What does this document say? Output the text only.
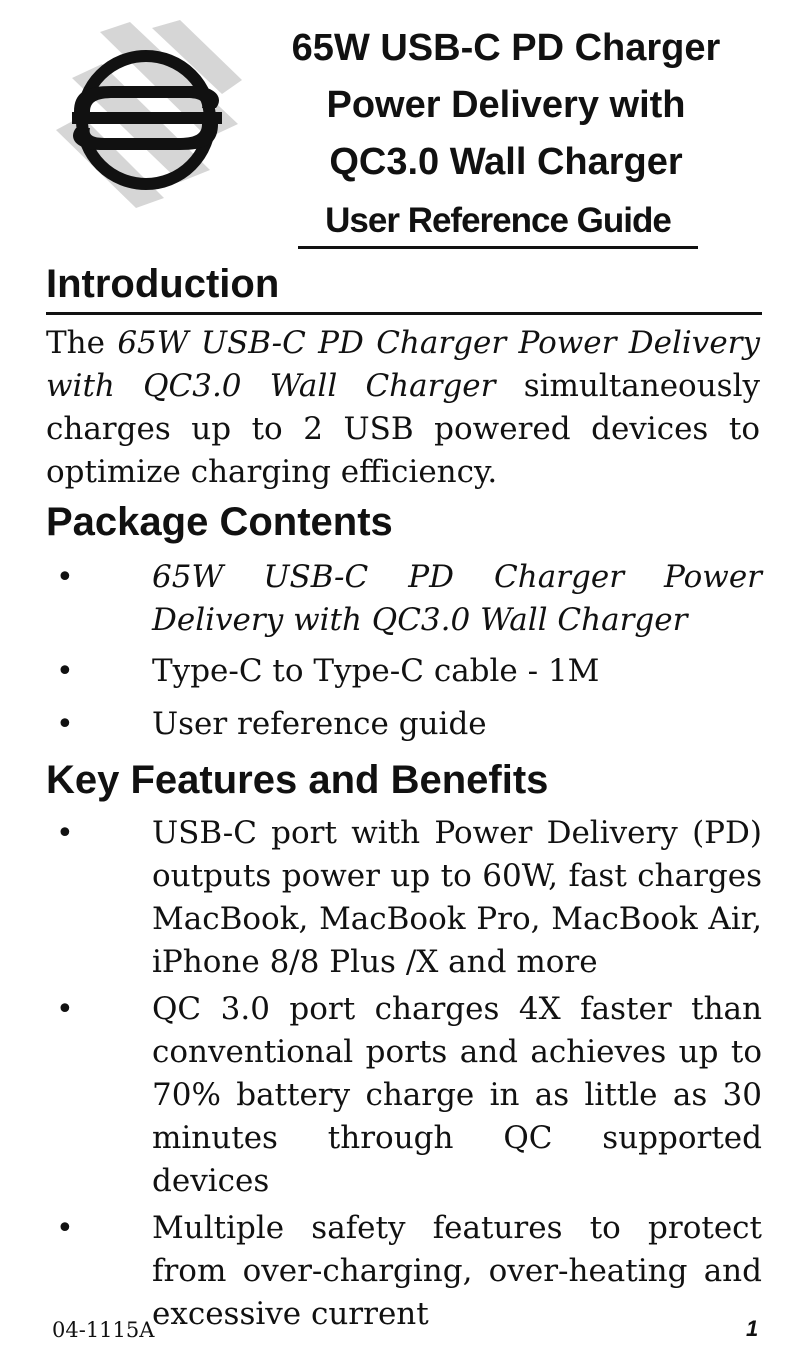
65W USB-C PD Charger
Power Delivery with
QC3.0 Wall Charger
User Reference Guide
Introduction

The 65W USB-C PD Charger Power Delivery with QC3.0 Wall Charger simultaneously charges up to 2 USB powered devices to optimize charging efficiency.

Package Contents
•	65W USB-C PD Charger Power Delivery with QC3.0 Wall Charger
•	Type-C to Type-C cable - 1M
•	User reference guide
Key Features and Benefits
•	USB-C port with Power Delivery (PD) outputs power up to 60W, fast charges MacBook, MacBook Pro, MacBook Air, iPhone 8/8 Plus /X and more
•	QC 3.0 port charges 4X faster than conventional ports and achieves up to 70% battery charge in as little as 30 minutes through QC supported devices
•	Multiple safety features to protect from over-charging, over-heating and excessive current
04-1115A	1
